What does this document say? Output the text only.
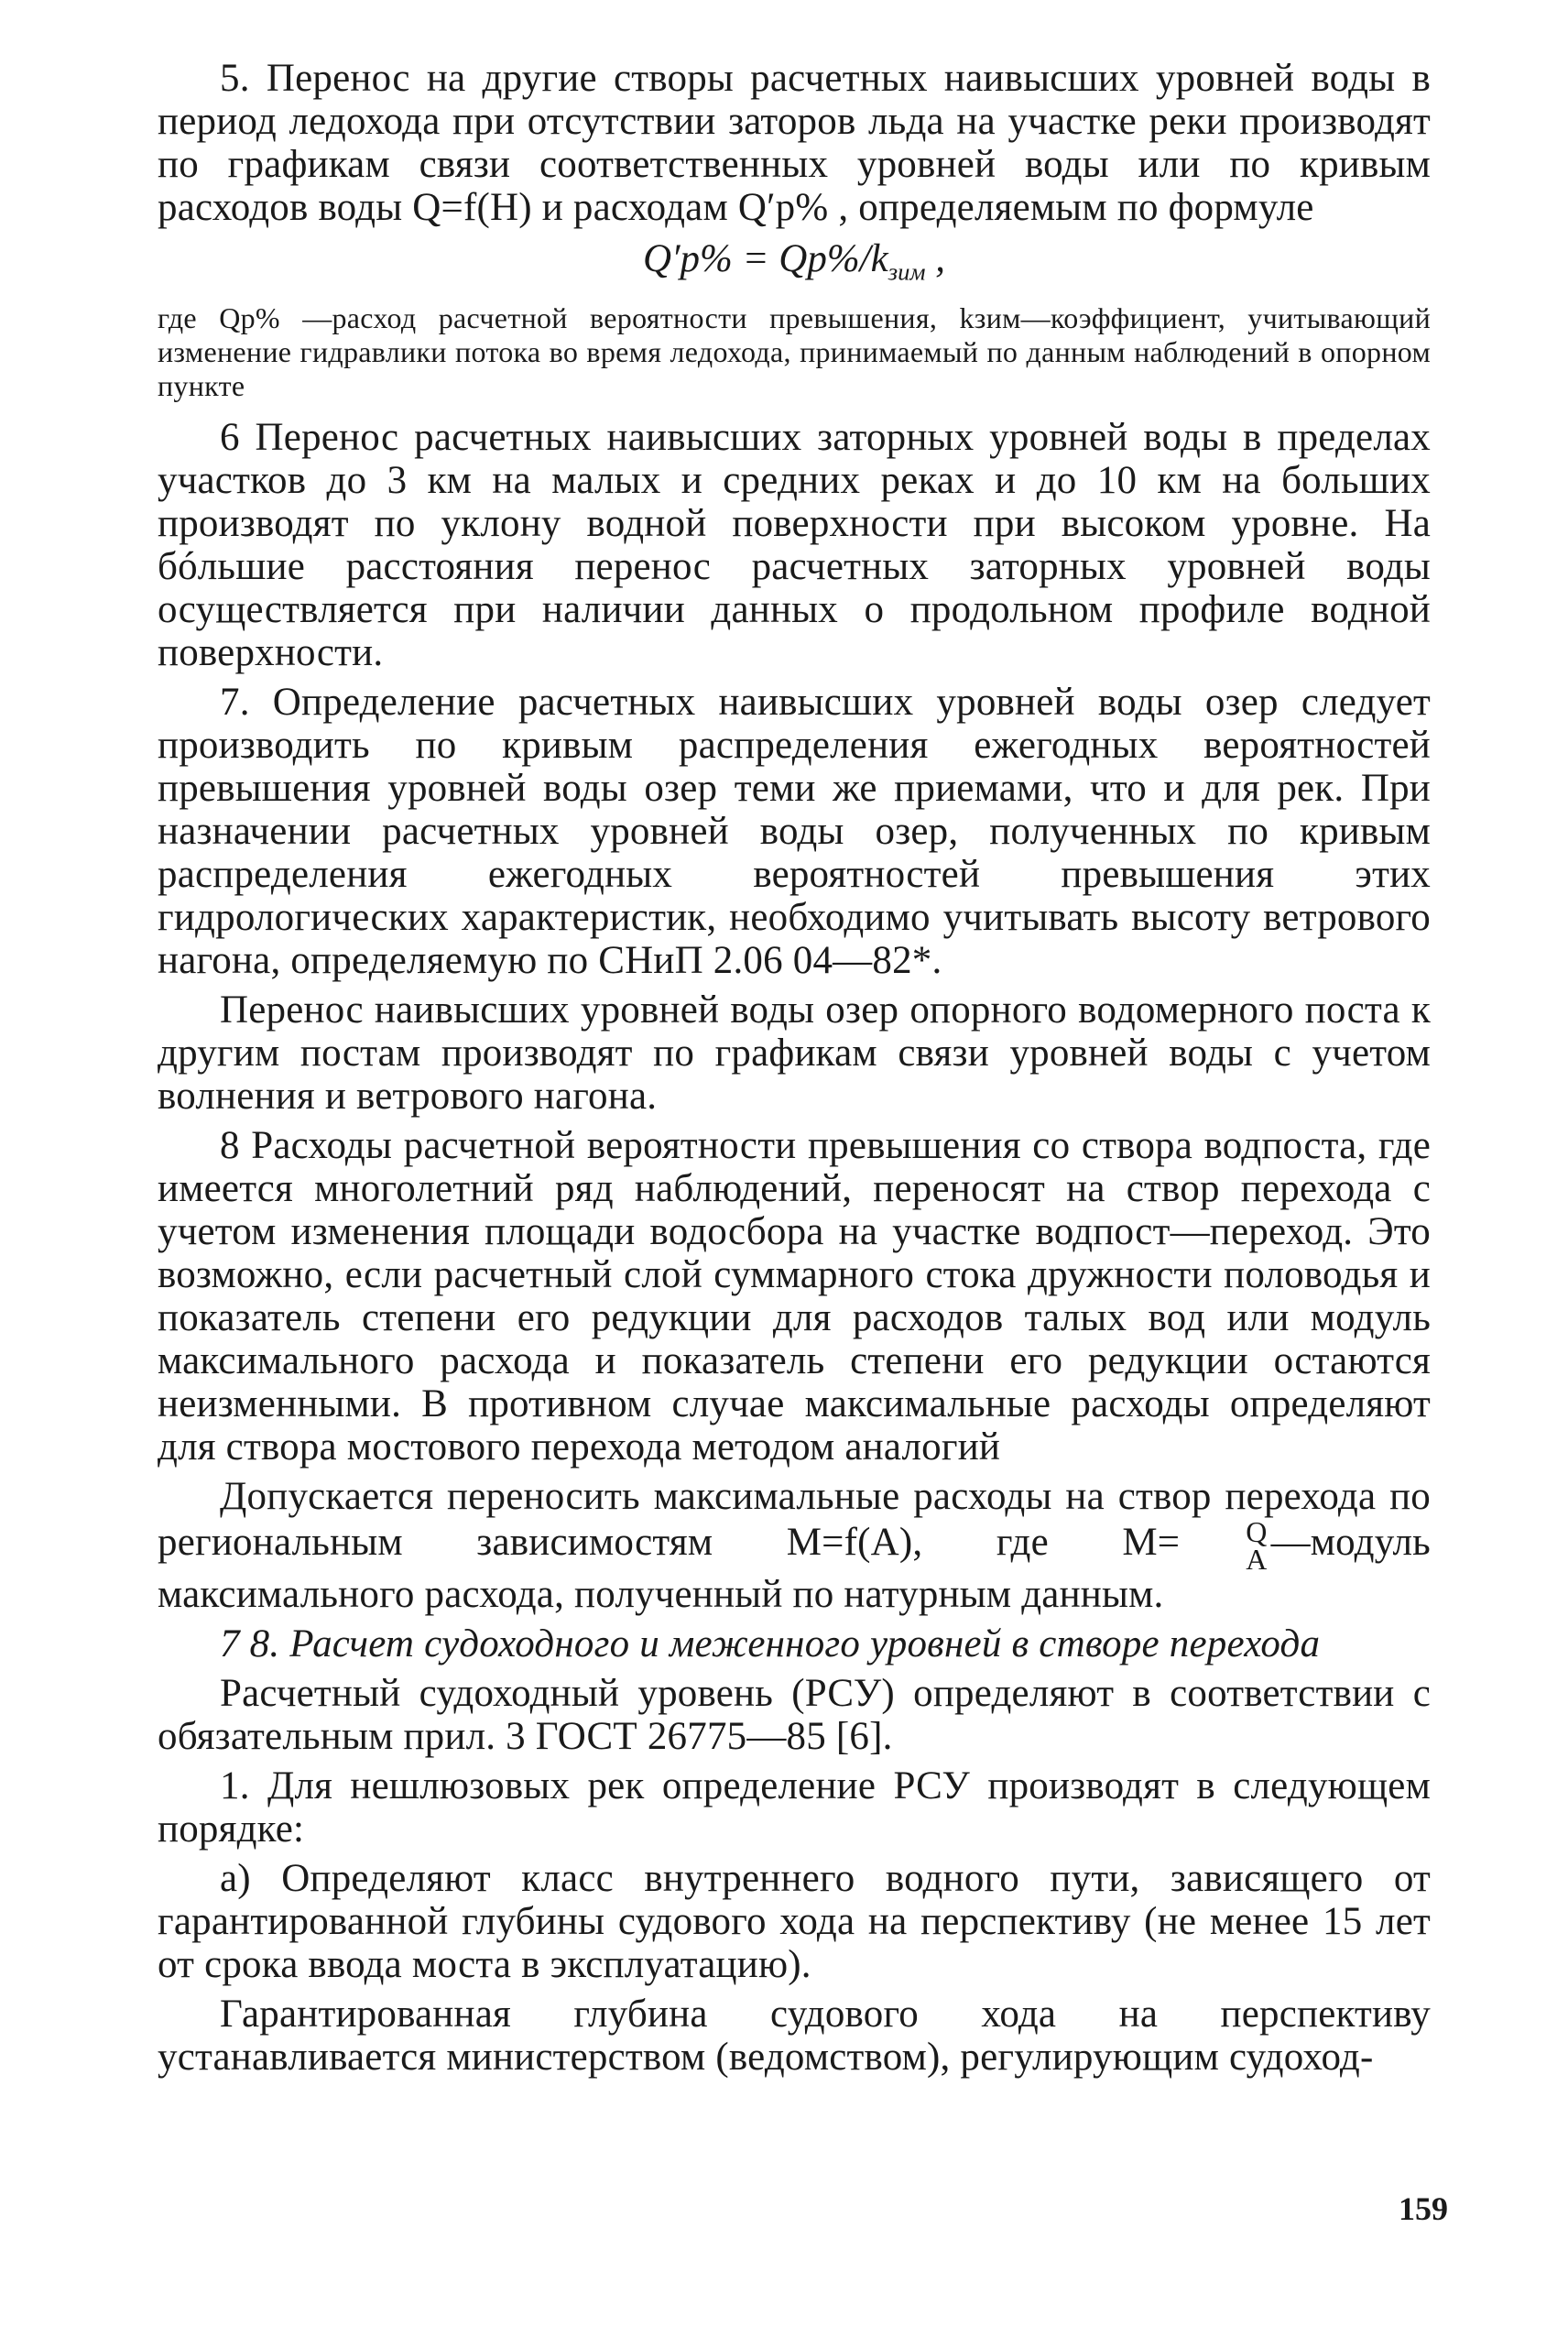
5. Перенос на другие створы расчетных наивысших уровней воды в период ледохода при отсутствии заторов льда на участке реки производят по графикам связи соответственных уровней воды или по кривым расходов воды Q=f(H) и расходам Q′p% , определяемым по формуле

$Q'p\% = Qp\%/k_{зим}$ ,

где Qp% —расход расчетной вероятности превышения, kзим—коэффициент, учитывающий изменение гидравлики потока во время ледохода, принимаемый по данным наблюдений в опорном пункте

6 Перенос расчетных наивысших заторных уровней воды в пределах участков до 3 км на малых и средних реках и до 10 км на больших производят по уклону водной поверхности при высоком уровне. На бóльшие расстояния перенос расчетных заторных уровней воды осуществляется при наличии данных о продольном профиле водной поверхности.

7. Определение расчетных наивысших уровней воды озер следует производить по кривым распределения ежегодных вероятностей превышения уровней воды озер теми же приемами, что и для рек. При назначении расчетных уровней воды озер, полученных по кривым распределения ежегодных вероятностей превышения этих гидрологических характеристик, необходимо учитывать высоту ветрового нагона, определяемую по СНиП 2.06 04—82*.

Перенос наивысших уровней воды озер опорного водомерного поста к другим постам производят по графикам связи уровней воды с учетом волнения и ветрового нагона.

8 Расходы расчетной вероятности превышения со створа водпоста, где имеется многолетний ряд наблюдений, переносят на створ перехода с учетом изменения площади водосбора на участке водпост—переход. Это возможно, если расчетный слой суммарного стока дружности половодья и показатель степени его редукции для расходов талых вод или модуль максимального расхода и показатель степени его редукции остаются неизменными. В противном случае максимальные расходы определяют для створа мостового перехода методом аналогий

Допускается переносить максимальные расходы на створ перехода по региональным зависимостям M=f(A), где M=	Q
A —модуль максимального расхода, полученный по натурным данным.

7 8. Расчет судоходного и меженного уровней в створе перехода

Расчетный судоходный уровень (РСУ) определяют в соответствии с обязательным прил. 3 ГОСТ 26775—85 [6].

1. Для нешлюзовых рек определение РСУ производят в следующем порядке:

а) Определяют класс внутреннего водного пути, зависящего от гарантированной глубины судового хода на перспективу (не менее 15 лет от срока ввода моста в эксплуатацию).

Гарантированная глубина судового хода на перспективу устанавливается министерством (ведомством), регулирующим судоход-

159
